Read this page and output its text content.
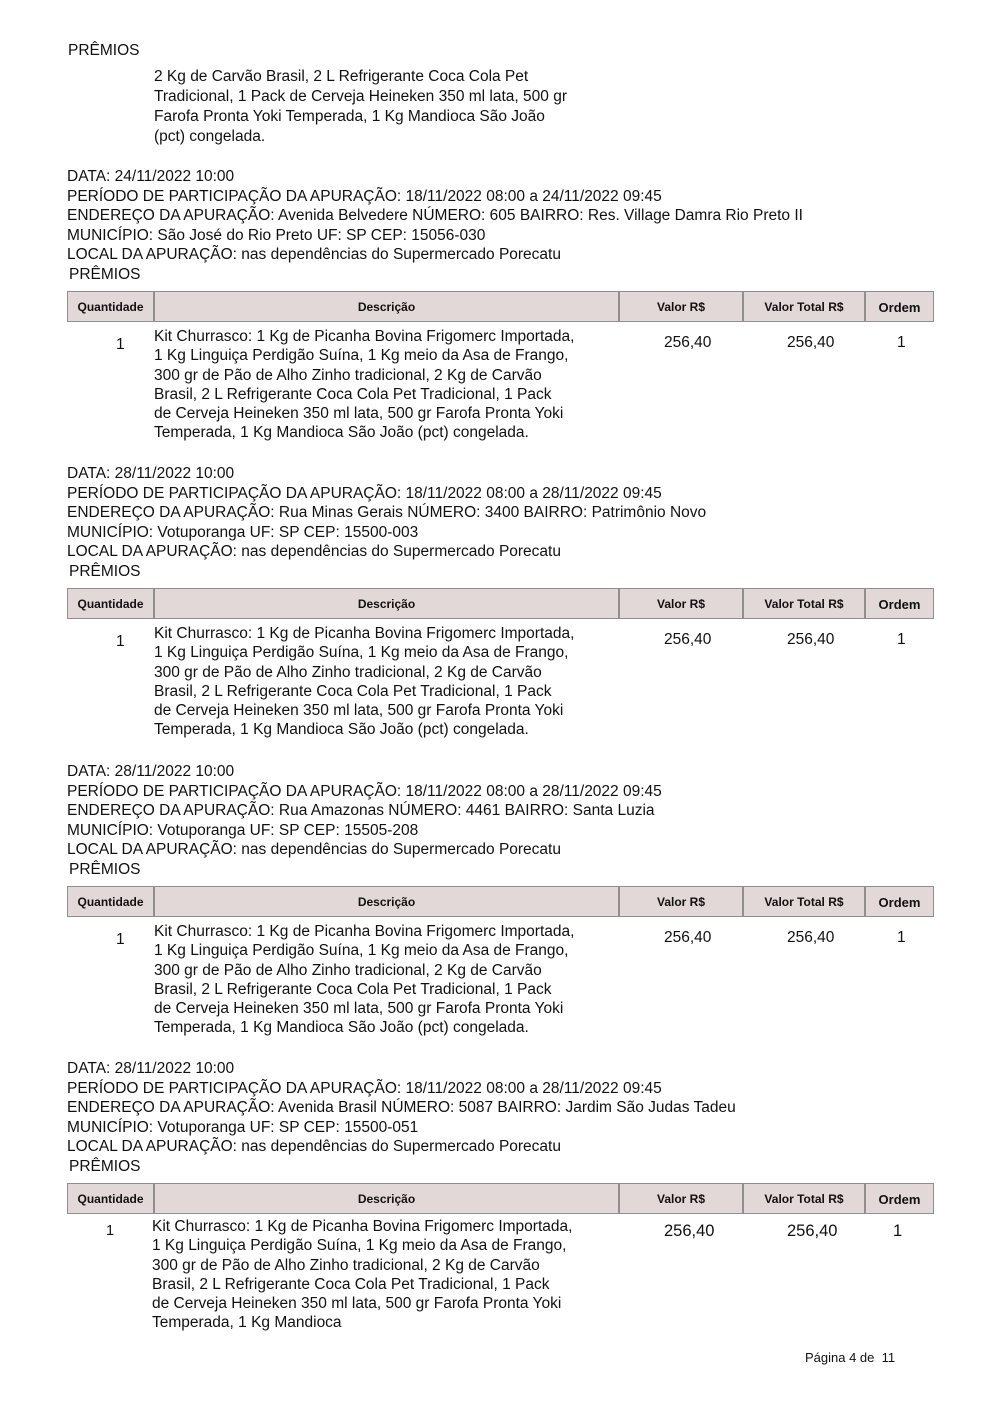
PRÊMIOS
2 Kg de Carvão Brasil, 2 L Refrigerante Coca Cola Pet
Tradicional, 1 Pack de Cerveja Heineken 350 ml lata, 500 gr
Farofa Pronta Yoki Temperada, 1 Kg Mandioca São João
(pct) congelada.
DATA: 24/11/2022 10:00
PERÍODO DE PARTICIPAÇÃO DA APURAÇÃO: 18/11/2022 08:00 a 24/11/2022 09:45
ENDEREÇO DA APURAÇÃO: Avenida Belvedere NÚMERO: 605 BAIRRO: Res. Village Damra Rio Preto II
MUNICÍPIO: São José do Rio Preto UF: SP CEP: 15056-030
LOCAL DA APURAÇÃO: nas dependências do Supermercado Porecatu
PRÊMIOS
Quantidade	Descrição	Valor R$	Valor Total R$	Ordem
1 Kit Churrasco: 1 Kg de Picanha Bovina Frigomerc Importada,
1 Kg Linguiça Perdigão Suína, 1 Kg meio da Asa de Frango,
300 gr de Pão de Alho Zinho tradicional, 2 Kg de Carvão
Brasil, 2 L Refrigerante Coca Cola Pet Tradicional, 1 Pack
de Cerveja Heineken 350 ml lata, 500 gr Farofa Pronta Yoki
Temperada, 1 Kg Mandioca São João (pct) congelada.
256,40	256,40	1
DATA: 28/11/2022 10:00
PERÍODO DE PARTICIPAÇÃO DA APURAÇÃO: 18/11/2022 08:00 a 28/11/2022 09:45
ENDEREÇO DA APURAÇÃO: Rua Minas Gerais NÚMERO: 3400 BAIRRO: Patrimônio Novo
MUNICÍPIO: Votuporanga UF: SP CEP: 15500-003
LOCAL DA APURAÇÃO: nas dependências do Supermercado Porecatu
PRÊMIOS
Quantidade	Descrição	Valor R$	Valor Total R$	Ordem
1 Kit Churrasco: 1 Kg de Picanha Bovina Frigomerc Importada,
1 Kg Linguiça Perdigão Suína, 1 Kg meio da Asa de Frango,
300 gr de Pão de Alho Zinho tradicional, 2 Kg de Carvão
Brasil, 2 L Refrigerante Coca Cola Pet Tradicional, 1 Pack
de Cerveja Heineken 350 ml lata, 500 gr Farofa Pronta Yoki
Temperada, 1 Kg Mandioca São João (pct) congelada.
256,40	256,40	1
DATA: 28/11/2022 10:00
PERÍODO DE PARTICIPAÇÃO DA APURAÇÃO: 18/11/2022 08:00 a 28/11/2022 09:45
ENDEREÇO DA APURAÇÃO: Rua Amazonas NÚMERO: 4461 BAIRRO: Santa Luzia
MUNICÍPIO: Votuporanga UF: SP CEP: 15505-208
LOCAL DA APURAÇÃO: nas dependências do Supermercado Porecatu
PRÊMIOS
Quantidade	Descrição	Valor R$	Valor Total R$	Ordem
1 Kit Churrasco: 1 Kg de Picanha Bovina Frigomerc Importada,
1 Kg Linguiça Perdigão Suína, 1 Kg meio da Asa de Frango,
300 gr de Pão de Alho Zinho tradicional, 2 Kg de Carvão
Brasil, 2 L Refrigerante Coca Cola Pet Tradicional, 1 Pack
de Cerveja Heineken 350 ml lata, 500 gr Farofa Pronta Yoki
Temperada, 1 Kg Mandioca São João (pct) congelada.
256,40	256,40	1
DATA: 28/11/2022 10:00
PERÍODO DE PARTICIPAÇÃO DA APURAÇÃO: 18/11/2022 08:00 a 28/11/2022 09:45
ENDEREÇO DA APURAÇÃO: Avenida Brasil NÚMERO: 5087 BAIRRO: Jardim São Judas Tadeu
MUNICÍPIO: Votuporanga UF: SP CEP: 15500-051
LOCAL DA APURAÇÃO: nas dependências do Supermercado Porecatu
PRÊMIOS
Quantidade	Descrição	Valor R$	Valor Total R$	Ordem
1 Kit Churrasco: 1 Kg de Picanha Bovina Frigomerc Importada,
1 Kg Linguiça Perdigão Suína, 1 Kg meio da Asa de Frango,
300 gr de Pão de Alho Zinho tradicional, 2 Kg de Carvão
Brasil, 2 L Refrigerante Coca Cola Pet Tradicional, 1 Pack
de Cerveja Heineken 350 ml lata, 500 gr Farofa Pronta Yoki
Temperada, 1 Kg Mandioca
256,40	256,40	1
Página 4 de  11
